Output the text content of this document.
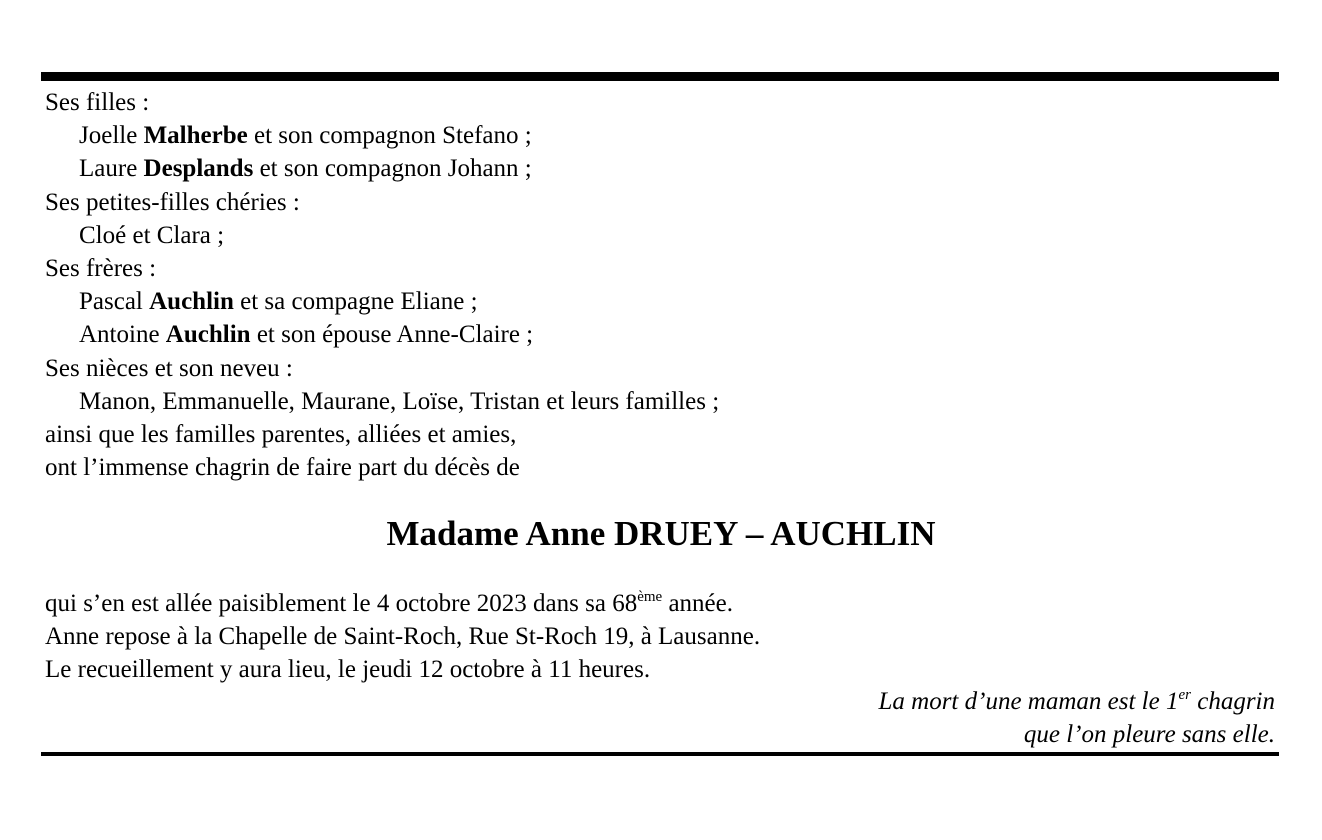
Ses filles :
Joelle Malherbe et son compagnon Stefano ;
Laure Desplands et son compagnon Johann ;
Ses petites-filles chéries :
Cloé et Clara ;
Ses frères :
Pascal Auchlin et sa compagne Eliane ;
Antoine Auchlin et son épouse Anne-Claire ;
Ses nièces et son neveu :
Manon, Emmanuelle, Maurane, Loïse, Tristan et leurs familles ;
ainsi que les familles parentes, alliées et amies,
ont l’immense chagrin de faire part du décès de
Madame Anne DRUEY – AUCHLIN
qui s’en est allée paisiblement le 4 octobre 2023 dans sa 68ème année.
Anne repose à la Chapelle de Saint-Roch, Rue St-Roch 19, à Lausanne.
Le recueillement y aura lieu, le jeudi 12 octobre à 11 heures.
La mort d’une maman est le 1er chagrin
que l’on pleure sans elle.
